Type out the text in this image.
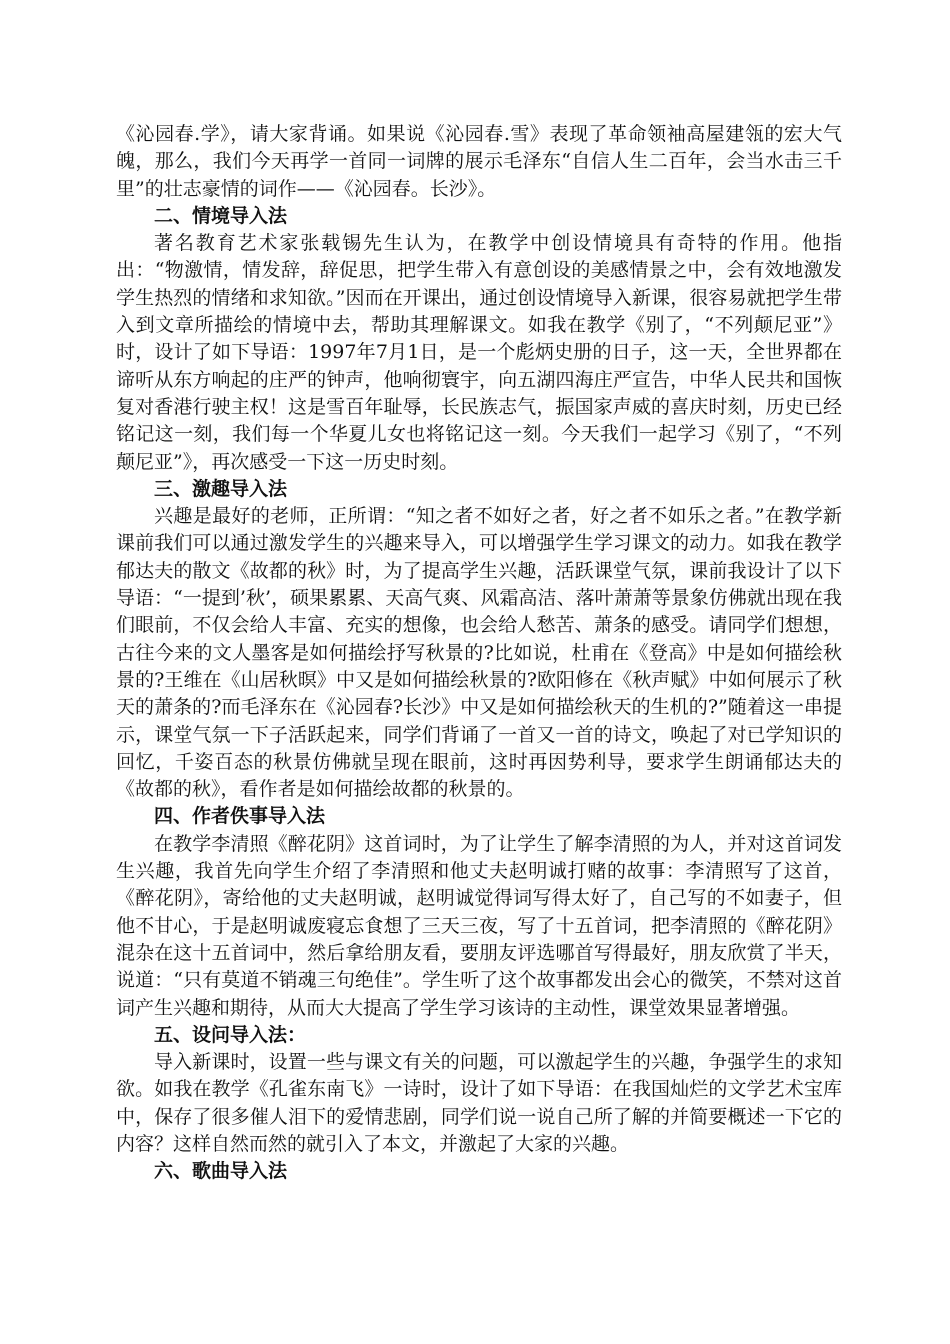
《沁园春.学》，请大家背诵。如果说《沁园春.雪》表现了革命领袖高屋建瓴的宏大气魄，那么，我们今天再学一首同一词牌的展示毛泽东“自信人生二百年，会当水击三千里”的壮志豪情的词作——《沁园春。长沙》。

二、情境导入法

著名教育艺术家张载锡先生认为，在教学中创设情境具有奇特的作用。他指出：“物激情，情发辞，辞促思，把学生带入有意创设的美感情景之中，会有效地激发学生热烈的情绪和求知欲。”因而在开课出，通过创设情境导入新课，很容易就把学生带入到文章所描绘的情境中去，帮助其理解课文。如我在教学《别了，“不列颠尼亚”》时，设计了如下导语：1997年7月1日，是一个彪炳史册的日子，这一天，全世界都在谛听从东方响起的庄严的钟声，他响彻寰宇，向五湖四海庄严宣告，中华人民共和国恢复对香港行驶主权！这是雪百年耻辱，长民族志气，振国家声威的喜庆时刻，历史已经铭记这一刻，我们每一个华夏儿女也将铭记这一刻。今天我们一起学习《别了，“不列颠尼亚”》，再次感受一下这一历史时刻。

三、激趣导入法

兴趣是最好的老师，正所谓：“知之者不如好之者，好之者不如乐之者。”在教学新课前我们可以通过激发学生的兴趣来导入，可以增强学生学习课文的动力。如我在教学郁达夫的散文《故都的秋》时，为了提高学生兴趣，活跃课堂气氛，课前我设计了以下导语：“一提到’秋’，硕果累累、天高气爽、风霜高洁、落叶萧萧等景象仿佛就出现在我们眼前，不仅会给人丰富、充实的想像，也会给人愁苦、萧条的感受。请同学们想想，古往今来的文人墨客是如何描绘抒写秋景的?比如说，杜甫在《登高》中是如何描绘秋景的?王维在《山居秋暝》中又是如何描绘秋景的?欧阳修在《秋声赋》中如何展示了秋天的萧条的?而毛泽东在《沁园春?长沙》中又是如何描绘秋天的生机的?”随着这一串提示，课堂气氛一下子活跃起来，同学们背诵了一首又一首的诗文，唤起了对已学知识的回忆，千姿百态的秋景仿佛就呈现在眼前，这时再因势利导，要求学生朗诵郁达夫的《故都的秋》，看作者是如何描绘故都的秋景的。

四、作者佚事导入法

在教学李清照《醉花阴》这首词时，为了让学生了解李清照的为人，并对这首词发生兴趣，我首先向学生介绍了李清照和他丈夫赵明诚打赌的故事：李清照写了这首，《醉花阴》，寄给他的丈夫赵明诚，赵明诚觉得词写得太好了，自己写的不如妻子，但他不甘心，于是赵明诚废寝忘食想了三天三夜，写了十五首词，把李清照的《醉花阴》混杂在这十五首词中，然后拿给朋友看，要朋友评选哪首写得最好，朋友欣赏了半天，说道：“只有莫道不销魂三句绝佳”。学生听了这个故事都发出会心的微笑，不禁对这首词产生兴趣和期待，从而大大提高了学生学习该诗的主动性，课堂效果显著增强。

五、设问导入法：

导入新课时，设置一些与课文有关的问题，可以激起学生的兴趣，争强学生的求知欲。如我在教学《孔雀东南飞》一诗时，设计了如下导语：在我国灿烂的文学艺术宝库中，保存了很多催人泪下的爱情悲剧，同学们说一说自己所了解的并简要概述一下它的内容？这样自然而然的就引入了本文，并激起了大家的兴趣。

六、歌曲导入法
